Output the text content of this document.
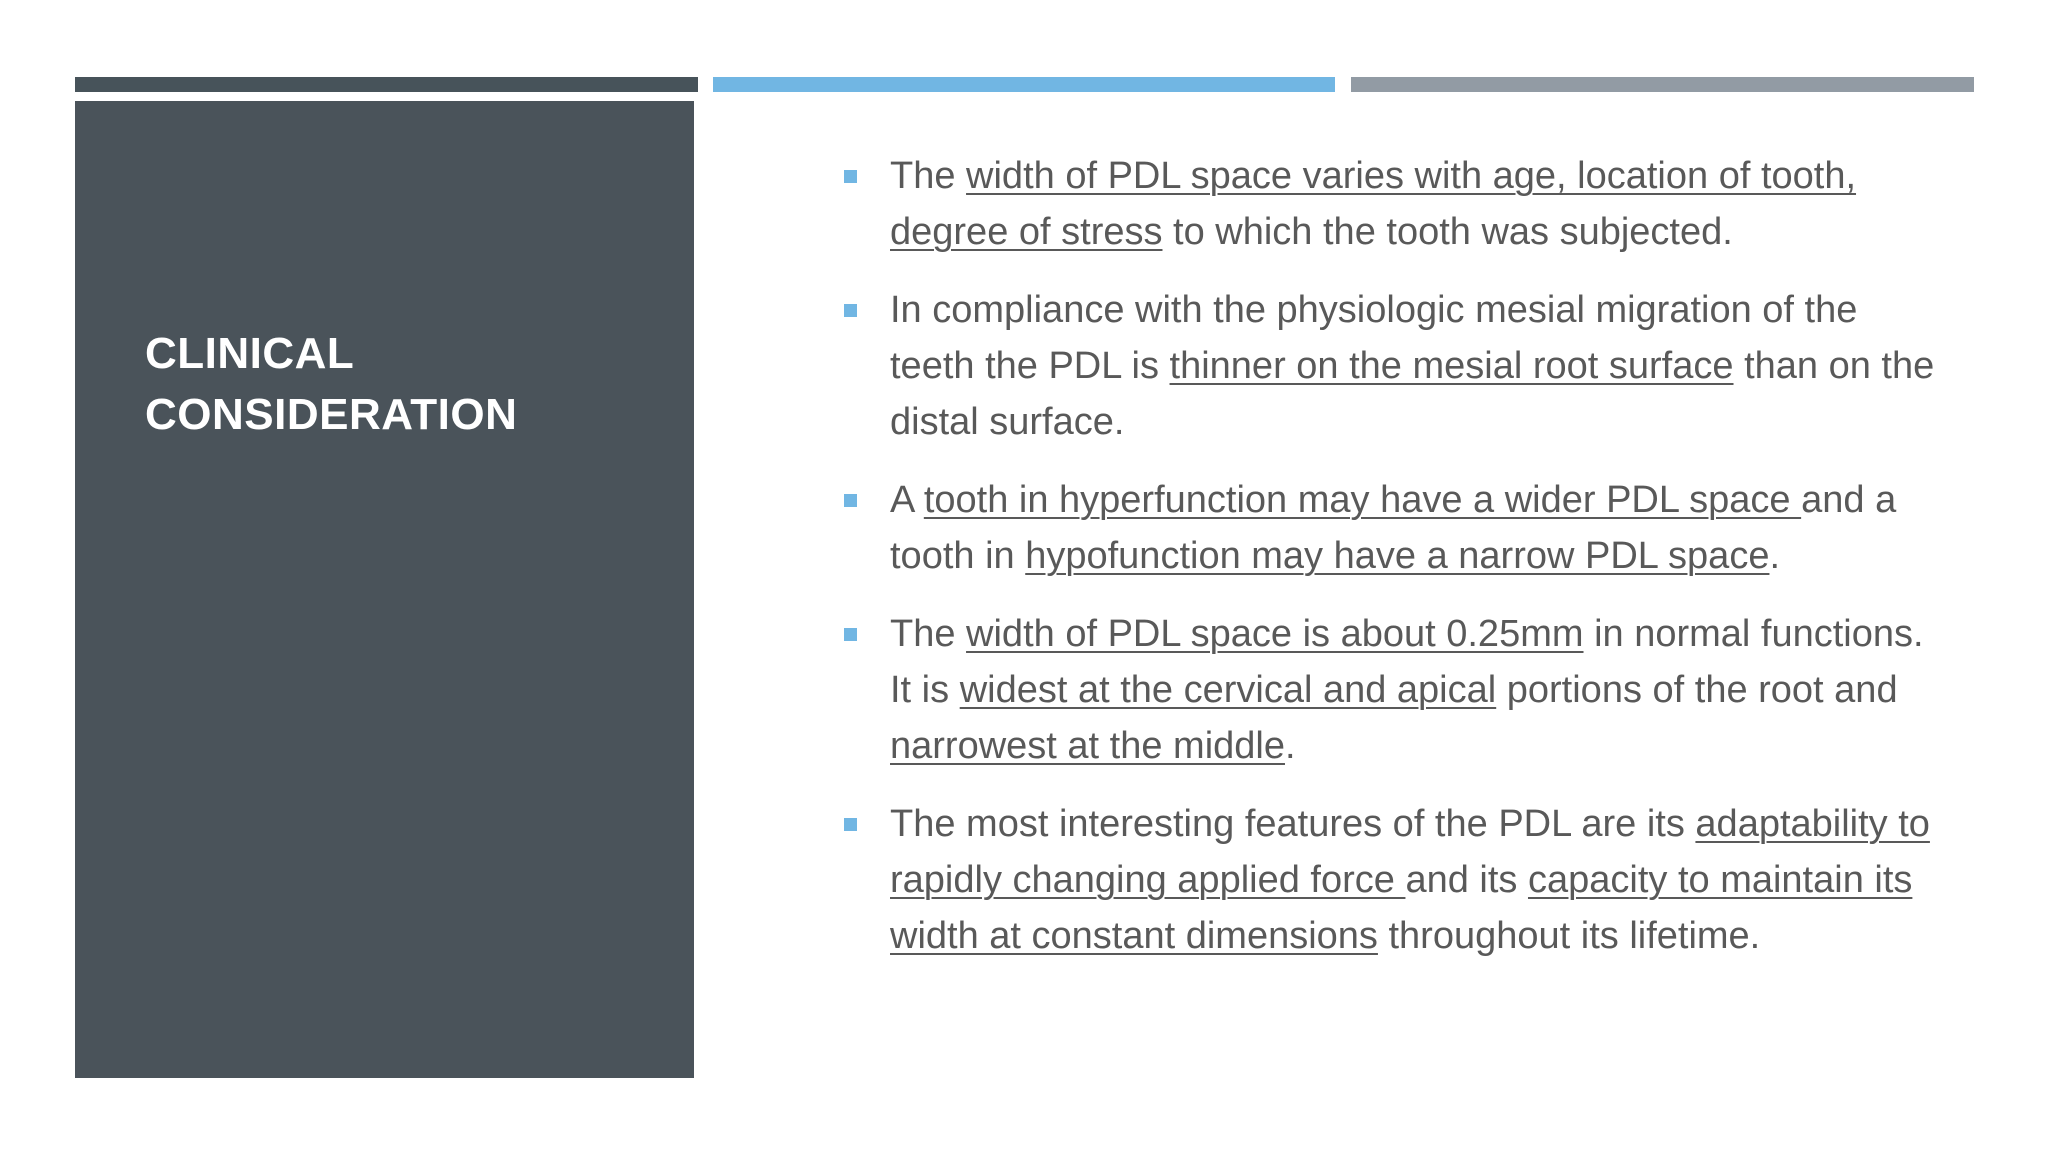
CLINICAL CONSIDERATION

The width of PDL space varies with age, location of tooth, degree of stress to which the tooth was subjected.

In compliance with the physiologic mesial migration of the teeth the PDL is thinner on the mesial root surface than on the distal surface.

A tooth in hyperfunction may have a wider PDL space and a tooth in hypofunction may have a narrow PDL space.

The width of PDL space is about 0.25mm in normal functions. It is widest at the cervical and apical portions of the root and narrowest at the middle.

The most interesting features of the PDL are its adaptability to rapidly changing applied force and its capacity to maintain its width at constant dimensions throughout its lifetime.
